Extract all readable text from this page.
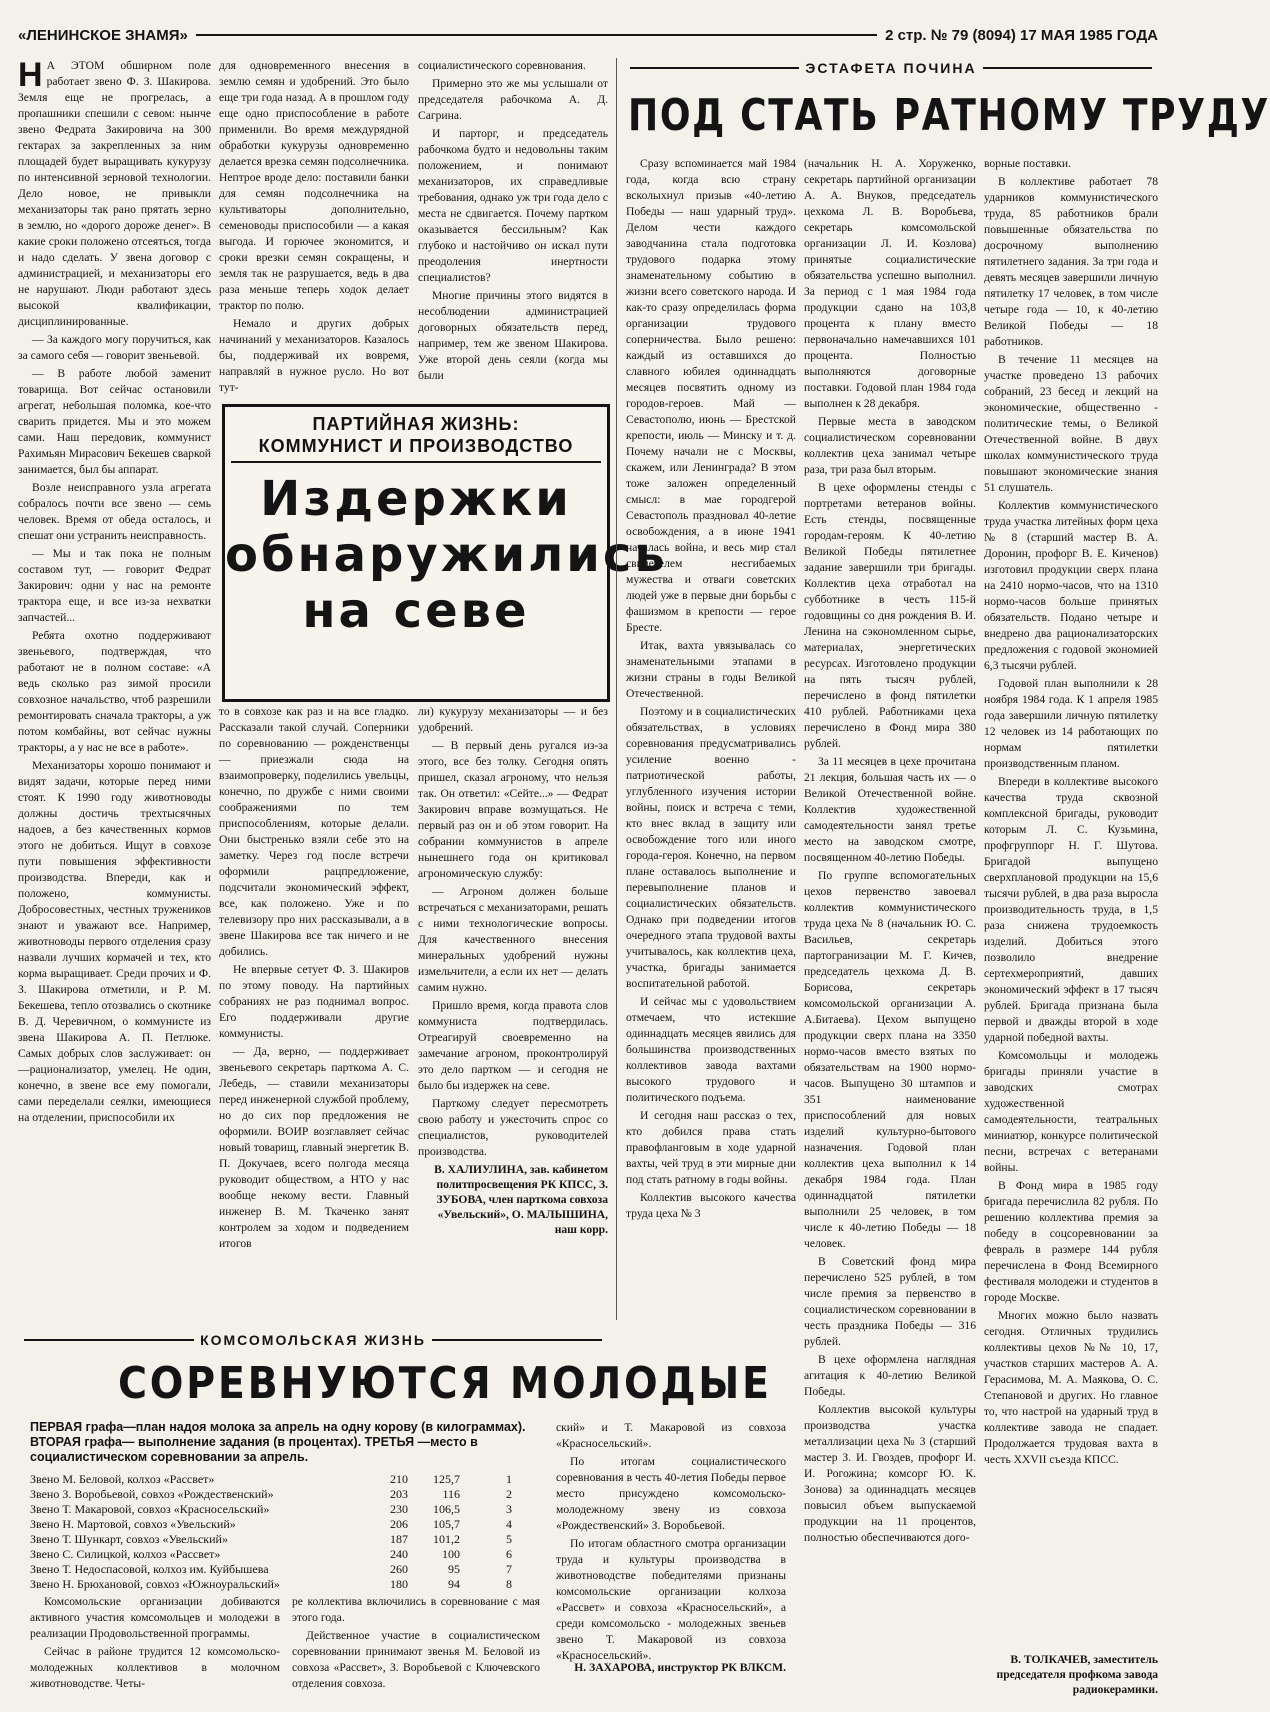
«ЛЕНИНСКОЕ ЗНАМЯ»	2 стр. № 79 (8094) 17 МАЯ 1985 ГОДА

Н А ЭТОМ обширном поле работает звено Ф. З. Шакирова. Земля еще не прогрелась, а пропашники спешили с севом: нынче звено Федрата Закировича на 300 гектарах за закрепленных за ним площадей будет выращивать кукурузу по интенсивной зерновой технологии. Дело новое, не привыкли механизаторы так рано прятать зерно в землю, но «дорого дороже денег». В какие сроки положено отсеяться, тогда и надо сделать. У звена договор с администрацией, и механизаторы его не нарушают. Люди работают здесь высокой квалификации, дисциплинированные.

— За каждого могу поручиться, как за самого себя — говорит звеньевой.

— В работе любой заменит товарища. Вот сейчас остановили агрегат, небольшая поломка, кое-что сварить придется. Мы и это можем сами. Наш передовик, коммунист Рахимьян Мирасович Бекешев сваркой занимается, был бы аппарат.

Возле неисправного узла агрегата собралось почти все звено — семь человек. Время от обеда осталось, и спешат они устранить неисправность.

— Мы и так пока не полным составом тут, — говорит Федрат Закирович: одни у нас на ремонте трактора еще, и все из-за нехватки запчастей...

Ребята охотно поддерживают звеньевого, подтверждая, что работают не в полном составе: «А ведь сколько раз зимой просили совхозное начальство, чтоб разрешили ремонтировать сначала тракторы, а уж потом комбайны, вот сейчас нужны тракторы, а у нас не все в работе».

Механизаторы хорошо понимают и видят задачи, которые перед ними стоят. К 1990 году животноводы должны достичь трехтысячных надоев, а без качественных кормов этого не добиться. Ищут в совхозе пути повышения эффективности производства. Впереди, как и положено, коммунисты. Добросовестных, честных тружеников знают и уважают все. Например, животноводы первого отделения сразу назвали лучших кормачей и тех, кто корма выращивает. Среди прочих и Ф. З. Шакирова отметили, и Р. М. Бекешева, тепло отозвались о скотнике В. Д. Черевичном, о коммунисте из звена Шакирова А. П. Петлюке. Самых добрых слов заслуживает: он —рационализатор, умелец. Не один, конечно, в звене все ему помогали, сами переделали сеялки, имеющиеся на отделении, приспособили их

для одновременного внесения в землю семян и удобрений. Это было еще три года назад. А в прошлом году еще одно приспособление в работе применили. Во время междурядной обработки кукурузы одновременно делается врезка семян подсолнечника. Нептрое вроде дело: поставили банки для семян подсолнечника на культиваторы дополнительно, семеноводы приспособили — а какая выгода. И горючее экономится, и сроки врезки семян сокращены, и земля так не разрушается, ведь в два раза меньше теперь ходок делает трактор по полю.

Немало и других добрых начинаний у механизаторов. Казалось бы, поддерживай их вовремя, направляй в нужное русло. Но вот тут-

социалистического соревнования.

Примерно это же мы услышали от председателя рабочкома А. Д. Сагрина.

И парторг, и председатель рабочкома будто и недовольны таким положением, и понимают механизаторов, их справедливые требования, однако уж три года дело с места не сдвигается. Почему партком оказывается бессильным? Как глубоко и настойчиво он искал пути преодоления инертности специалистов?

Многие причины этого видятся в несоблюдении администрацией договорных обязательств перед, например, тем же звеном Шакирова. Уже второй день сеяли (когда мы были

ПАРТИЙНАЯ ЖИЗНЬ:
КОММУНИСТ И ПРОИЗВОДСТВО
Издержки
обнаружились
на севе

то в совхозе как раз и на все гладко. Рассказали такой случай. Соперники по соревнованию — рожденственцы — приезжали сюда на взаимопроверку, поделились увельцы, конечно, по дружбе с ними своими соображениями по тем приспособлениям, которые делали. Они быстренько взяли себе это на заметку. Через год после встречи оформили рацпредложение, подсчитали экономический эффект, все, как положено. Уже и по телевизору про них рассказывали, а в звене Шакирова все так ничего и не добились.

Не впервые сетует Ф. З. Шакиров по этому поводу. На партийных собраниях не раз поднимал вопрос. Его поддерживали другие коммунисты.

— Да, верно, — поддерживает звеньевого секретарь парткома А. С. Лебедь, — ставили механизаторы перед инженерной службой проблему, но до сих пор предложения не оформили. ВОИР возглавляет сейчас новый товарищ, главный энергетик В. П. Докучаев, всего полгода месяца руководит обществом, а НТО у нас вообще некому вести. Главный инженер В. М. Ткаченко занят контролем за ходом и подведением итогов

ли) кукурузу механизаторы — и без удобрений.

— В первый день ругался из-за этого, все без толку. Сегодня опять пришел, сказал агроному, что нельзя так. Он ответил: «Сейте...» — Федрат Закирович вправе возмущаться. Не первый раз он и об этом говорит. На собрании коммунистов в апреле нынешнего года он критиковал агрономическую службу:

— Агроном должен больше встречаться с механизаторами, решать с ними технологические вопросы. Для качественного внесения минеральных удобрений нужны измельчители, а если их нет — делать самим нужно.

Пришло время, когда правота слов коммуниста подтвердилась. Отреагируй своевременно на замечание агроном, проконтролируй это дело партком — и сегодня не было бы издержек на севе.

Парткому следует пересмотреть свою работу и ужесточить спрос со специалистов, руководителей производства.

В. ХАЛИУЛИНА, зав. кабинетом политпросвещения РК КПСС, З. ЗУБОВА, член парткома совхоза «Увельский», О. МАЛЫШИНА, наш корр.

ЭСТАФЕТА ПОЧИНА
ПОД СТАТЬ РАТНОМУ ТРУДУ

Сразу вспоминается май 1984 года, когда всю страну всколыхнул призыв «40-летию Победы — наш ударный труд». Делом чести каждого заводчанина стала подготовка трудового подарка этому знаменательному событию в жизни всего советского народа. И как-то сразу определилась форма организации трудового соперничества. Было решено: каждый из оставшихся до славного юбилея одиннадцать месяцев посвятить одному из городов-героев. Май — Севастополю, июнь — Брестской крепости, июль — Минску и т. д. Почему начали не с Москвы, скажем, или Ленинграда? В этом тоже заложен определенный смысл: в мае городгерой Севастополь праздновал 40-летие освобождения, а в июне 1941 началась война, и весь мир стал свидетелем несгибаемых мужества и отваги советских людей уже в первые дни борьбы с фашизмом в крепости — герое Бресте.

Итак, вахта увязывалась со знаменательными этапами в жизни страны в годы Великой Отечественной.

Поэтому и в социалистических обязательствах, в условиях соревнования предусматривались усиление военно - патриотической работы, углубленного изучения истории войны, поиск и встреча с теми, кто внес вклад в защиту или освобождение того или иного города-героя. Конечно, на первом плане оставалось выполнение и перевыполнение планов и социалистических обязательств. Однако при подведении итогов очередного этапа трудовой вахты учитывалось, как коллектив цеха, участка, бригады занимается воспитательной работой.

И сейчас мы с удовольствием отмечаем, что истекшие одиннадцать месяцев явились для большинства производственных коллективов завода вахтами высокого трудового и политического подъема.

И сегодня наш рассказ о тех, кто добился права стать правофланговым в ходе ударной вахты, чей труд в эти мирные дни под стать ратному в годы войны.

Коллектив высокого качества труда цеха № 3

(начальник Н. А. Хоруженко, секретарь партийной организации А. А. Внуков, председатель цехкома Л. В. Воробьева, секретарь комсомольской организации Л. И. Козлова) принятые социалистические обязательства успешно выполнил. За период с 1 мая 1984 года продукции сдано на 103,8 процента к плану вместо первоначально намечавшихся 101 процента. Полностью выполняются договорные поставки. Годовой план 1984 года выполнен к 28 декабря.

Первые места в заводском социалистическом соревновании коллектив цеха занимал четыре раза, три раза был вторым.

В цехе оформлены стенды с портретами ветеранов войны. Есть стенды, посвященные городам-героям. К 40-летию Великой Победы пятилетнее задание завершили три бригады. Коллектив цеха отработал на субботнике в честь 115-й годовщины со дня рождения В. И. Ленина на сэкономленном сырье, материалах, энергетических ресурсах. Изготовлено продукции на пять тысяч рублей, перечислено в фонд пятилетки 410 рублей. Работниками цеха перечислено в Фонд мира 380 рублей.

За 11 месяцев в цехе прочитана 21 лекция, большая часть их — о Великой Отечественной войне. Коллектив художественной самодеятельности занял третье место на заводском смотре, посвященном 40-летию Победы.

По группе вспомогательных цехов первенство завоевал коллектив коммунистического труда цеха № 8 (начальник Ю. С. Васильев, секретарь партогранизации М. Г. Кичев, председатель цехкома Д. В. Борисова, секретарь комсомольской организации А. А.Битаева). Цехом выпущено продукции сверх плана на 3350 нормо-часов вместо взятых по обязательствам на 1900 нормо-часов. Выпущено 30 штампов и 351 наименование приспособлений для новых изделий культурно-бытового назначения. Годовой план коллектив цеха выполнил к 14 декабря 1984 года. План одиннадцатой пятилетки выполнили 25 человек, в том числе к 40-летию Победы — 18 человек.

В Советский фонд мира перечислено 525 рублей, в том числе премия за первенство в социалистическом соревновании в честь праздника Победы — 316 рублей.

В цехе оформлена наглядная агитация к 40-летию Великой Победы.

Коллектив высокой культуры производства участка металлизации цеха № 3 (старший мастер З. И. Гвоздев, профорг И. И. Рогожина; комсорг Ю. К. Зонова) за одиннадцать месяцев повысил объем выпускаемой продукции на 11 процентов, полностью обеспечиваются дого-

ворные поставки.

В коллективе работает 78 ударников коммунистического труда, 85 работников брали повышенные обязательства по досрочному выполнению пятилетнего задания. За три года и девять месяцев завершили личную пятилетку 17 человек, в том числе четыре года — 10, к 40-летию Великой Победы — 18 работников.

В течение 11 месяцев на участке проведено 13 рабочих собраний, 23 бесед и лекций на экономические, общественно - политические темы, о Великой Отечественной войне. В двух школах коммунистического труда повышают экономические знания 51 слушатель.

Коллектив коммунистического труда участка литейных форм цеха № 8 (старший мастер В. А. Доронин, профорг В. Е. Киченов) изготовил продукции сверх плана на 2410 нормо-часов, что на 1310 нормо-часов больше принятых обязательств. Подано четыре и внедрено два рационализаторских предложения с годовой экономией 6,3 тысячи рублей.

Годовой план выполнили к 28 ноября 1984 года. К 1 апреля 1985 года завершили личную пятилетку 12 человек из 14 работающих по нормам пятилетки производственным планом.

Впереди в коллективе высокого качества труда сквозной комплексной бригады, руководит которым Л. С. Кузьмина, профгруппорг Н. Г. Шутова. Бригадой выпущено сверхплановой продукции на 15,6 тысячи рублей, в два раза выросла производительность труда, в 1,5 раза снижена трудоемкость изделий. Добиться этого позволило внедрение сертехмероприятий, давших экономический эффект в 17 тысяч рублей. Бригада признана была первой и дважды второй в ходе ударной победной вахты.

Комсомольцы и молодежь бригады приняли участие в заводских смотрах художественной самодеятельности, театральных миниатюр, конкурсе политической песни, встречах с ветеранами войны.

В Фонд мира в 1985 году бригада перечислила 82 рубля. По решению коллектива премия за победу в соцсоревновании за февраль в размере 144 рубля перечислена в Фонд Всемирного фестиваля молодежи и студентов в городе Москве.

Многих можно было назвать сегодня. Отличных трудились коллективы цехов №№ 10, 17, участков старших мастеров А. А. Герасимова, М. А. Маякова, О. С. Степановой и других. Но главное то, что настрой на ударный труд в коллективе завода не спадает. Продолжается трудовая вахта в честь XXVII съезда КПСС.

В. ТОЛКАЧЕВ, заместитель председателя профкома завода радиокерамики.
КОМСОМОЛЬСКАЯ ЖИЗНЬ
СОРЕВНУЮТСЯ МОЛОДЫЕ
ПЕРВАЯ графа—план надоя молока за апрель на одну корову (в килограммах). ВТОРАЯ графа— выполнение задания (в процентах). ТРЕТЬЯ —место в социалистическом соревновании за апрель.
Звено М. Беловой, колхоз «Рассвет»	210	125,7	1
Звено З. Воробьевой, совхоз «Рождественский»	203	116	2
Звено Т. Макаровой, совхоз «Красносельский»	230	106,5	3
Звено Н. Мартовой, совхоз «Увельский»	206	105,7	4
Звено Т. Шункарт, совхоз «Увельский»	187	101,2	5
Звено С. Силицкой, колхоз «Рассвет»	240	100	6
Звено Т. Недоспасовой, колхоз им. Куйбышева	260	95	7
Звено Н. Брюхановой, совхоз «Южноуральский»	180	94	8

Комсомольские организации добиваются активного участия комсомольцев и молодежи в реализации Продовольственной программы.

Сейчас в районе трудится 12 комсомольско-молодежных коллективов в молочном животноводстве. Четы-

ре коллектива включились в соревнование с мая этого года.

Действенное участие в социалистическом соревновании принимают звенья М. Беловой из совхоза «Рассвет», З. Воробьевой с Ключевского отделения совхоза.

ский» и Т. Макаровой из совхоза «Красносельский».

По итогам социалистического соревнования в честь 40-летия Победы первое место присуждено комсомольско-молодежному звену из совхоза «Рождественский» З. Воробьевой.

По итогам областного смотра организации труда и культуры производства в животноводстве победителями признаны комсомольские организации колхоза «Рассвет» и совхоза «Красносельский», а среди комсомольско - молодежных звеньев звено Т. Макаровой из совхоза «Красносельский».

Н. ЗАХАРОВА, инструктор РК ВЛКСМ.
